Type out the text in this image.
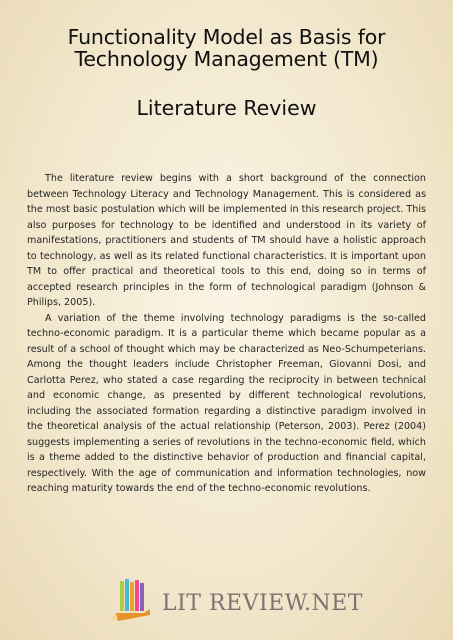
Functionality Model as Basis for
Technology Management (TM)
Literature Review

The literature review begins with a short background of the connection between Technology Literacy and Technology Management. This is considered as the most basic postulation which will be implemented in this research project. This also purposes for technology to be identified and understood in its variety of manifestations, practitioners and students of TM should have a holistic approach to technology, as well as its related functional characteristics. It is important upon TM to offer practical and theoretical tools to this end, doing so in terms of accepted research principles in the form of technological paradigm (Johnson & Philips, 2005).

A variation of the theme involving technology paradigms is the so-called techno-economic paradigm. It is a particular theme which became popular as a result of a school of thought which may be characterized as Neo-Schumpeterians. Among the thought leaders include Christopher Freeman, Giovanni Dosi, and Carlotta Perez, who stated a case regarding the reciprocity in between technical and economic change, as presented by different technological revolutions, including the associated formation regarding a distinctive paradigm involved in the theoretical analysis of the actual relationship (Peterson, 2003). Perez (2004) suggests implementing a series of revolutions in the techno-economic field, which is a theme added to the distinctive behavior of production and financial capital, respectively. With the age of communication and information technologies, now reaching maturity towards the end of the techno-economic revolutions.

LIT REVIEW.NET
